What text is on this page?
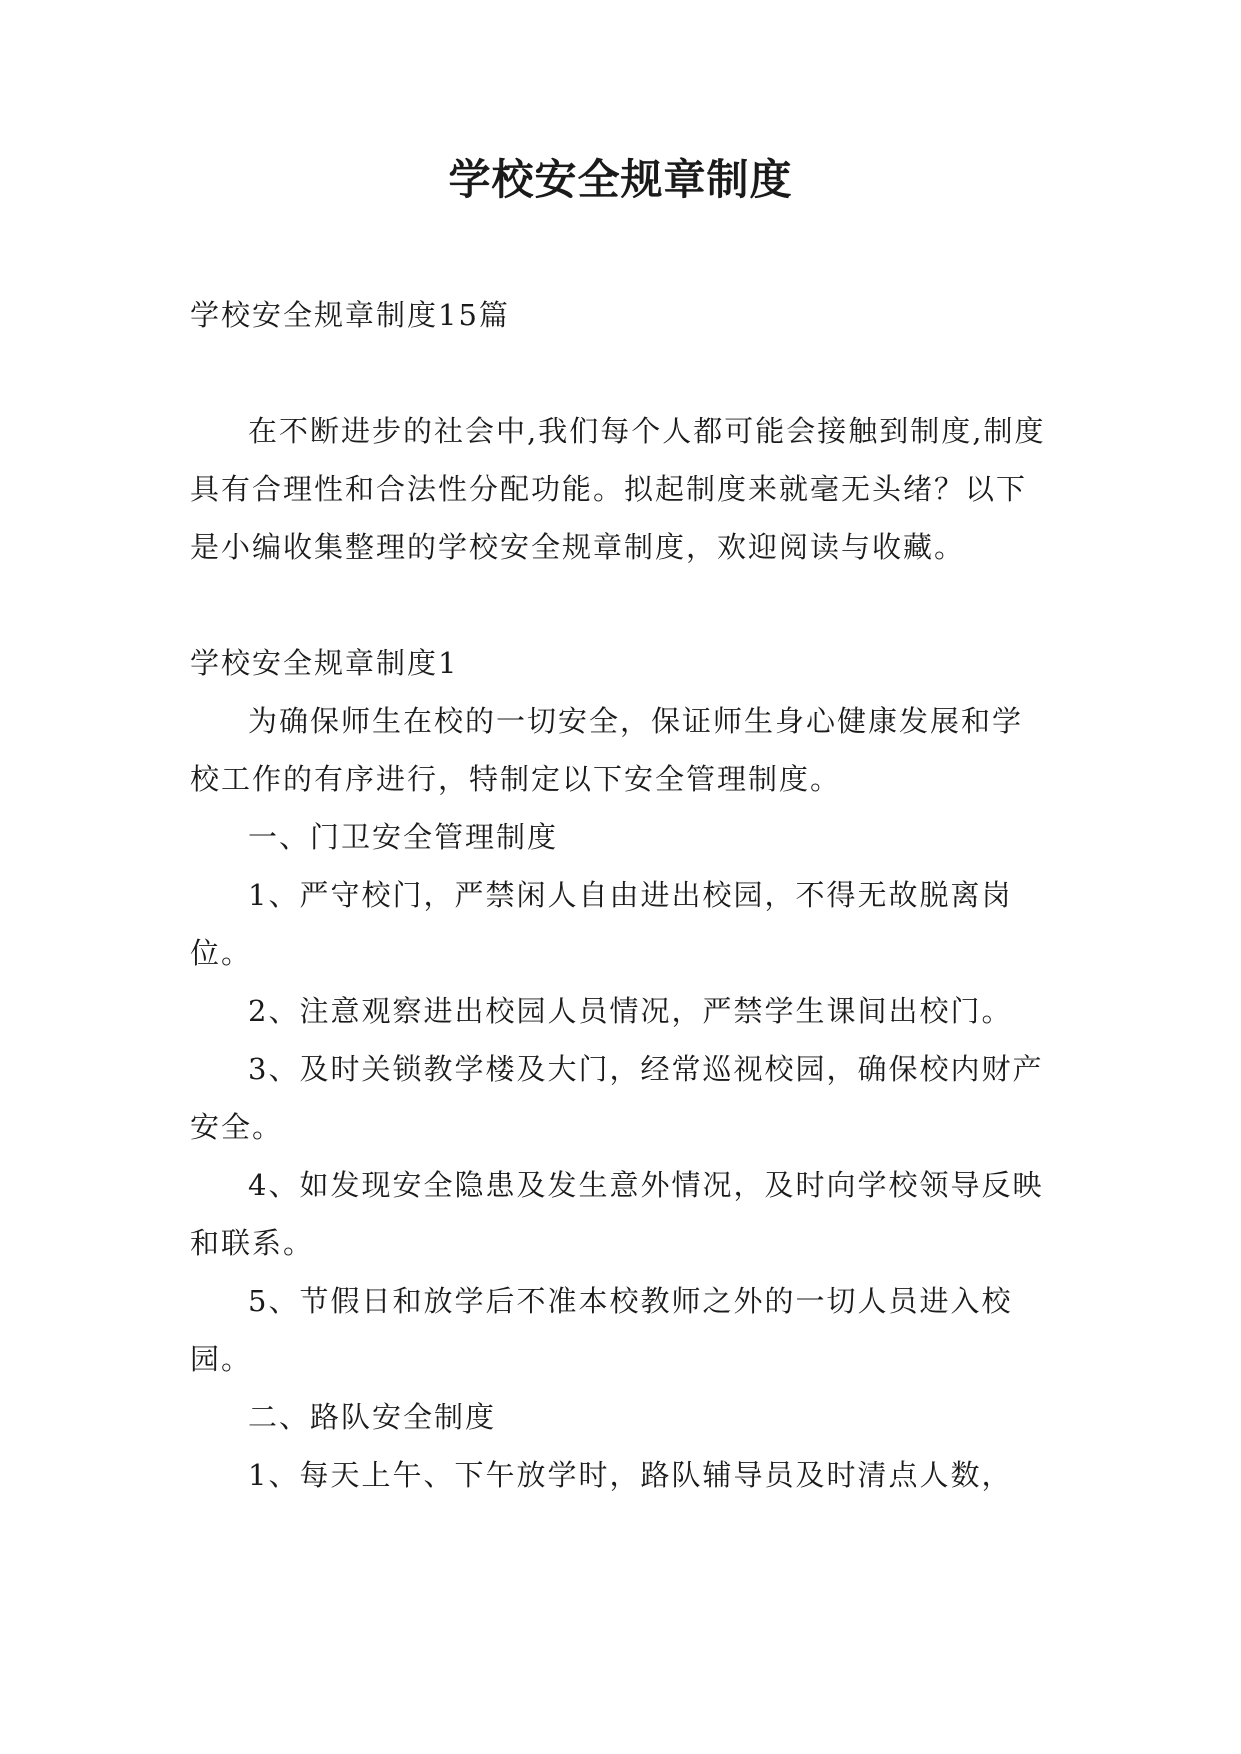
学校安全规章制度

学校安全规章制度15篇

在不断进步的社会中,我们每个人都可能会接触到制度,制度具有合理性和合法性分配功能。拟起制度来就毫无头绪？以下是小编收集整理的学校安全规章制度，欢迎阅读与收藏。

学校安全规章制度1

为确保师生在校的一切安全，保证师生身心健康发展和学校工作的有序进行，特制定以下安全管理制度。

一、门卫安全管理制度

1、严守校门，严禁闲人自由进出校园，不得无故脱离岗位。

2、注意观察进出校园人员情况，严禁学生课间出校门。

3、及时关锁教学楼及大门，经常巡视校园，确保校内财产安全。

4、如发现安全隐患及发生意外情况，及时向学校领导反映和联系。

5、节假日和放学后不准本校教师之外的一切人员进入校园。

二、路队安全制度

1、每天上午、下午放学时，路队辅导员及时清点人数，
